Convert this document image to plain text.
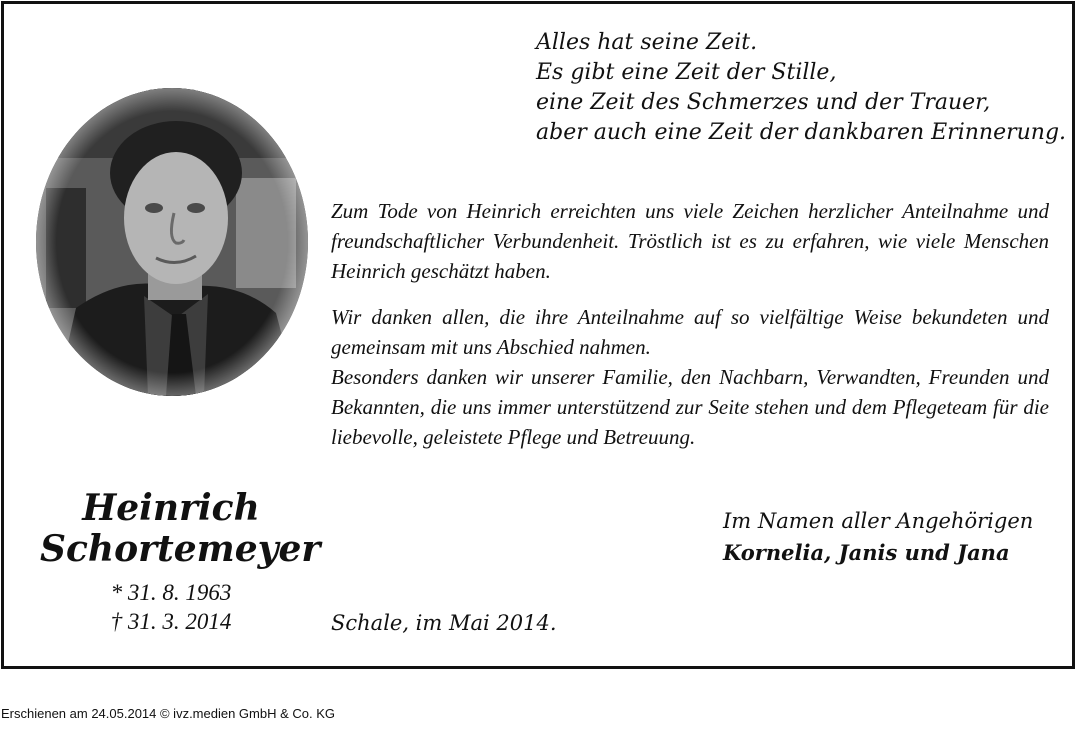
Alles hat seine Zeit.
Es gibt eine Zeit der Stille,
eine Zeit des Schmerzes und der Trauer,
aber auch eine Zeit der dankbaren Erinnerung.
Zum Tode von Heinrich erreichten uns viele Zeichen herzlicher Anteilnahme und freundschaftlicher Verbundenheit. Tröstlich ist es zu erfahren, wie viele Menschen Heinrich geschätzt haben.
Wir danken allen, die ihre Anteilnahme auf so vielfältige Weise bekundeten und gemeinsam mit uns Abschied nahmen.
Besonders danken wir unserer Familie, den Nachbarn, Verwandten, Freunden und Bekannten, die uns immer unterstützend zur Seite stehen und dem Pflegeteam für die liebevolle, geleistete Pflege und Betreuung.
Heinrich
Schortemeyer
* 31. 8. 1963
† 31. 3. 2014
Im Namen aller Angehörigen
Kornelia, Janis und Jana
Schale, im Mai 2014.
Erschienen am 24.05.2014 © ivz.medien GmbH & Co. KG
